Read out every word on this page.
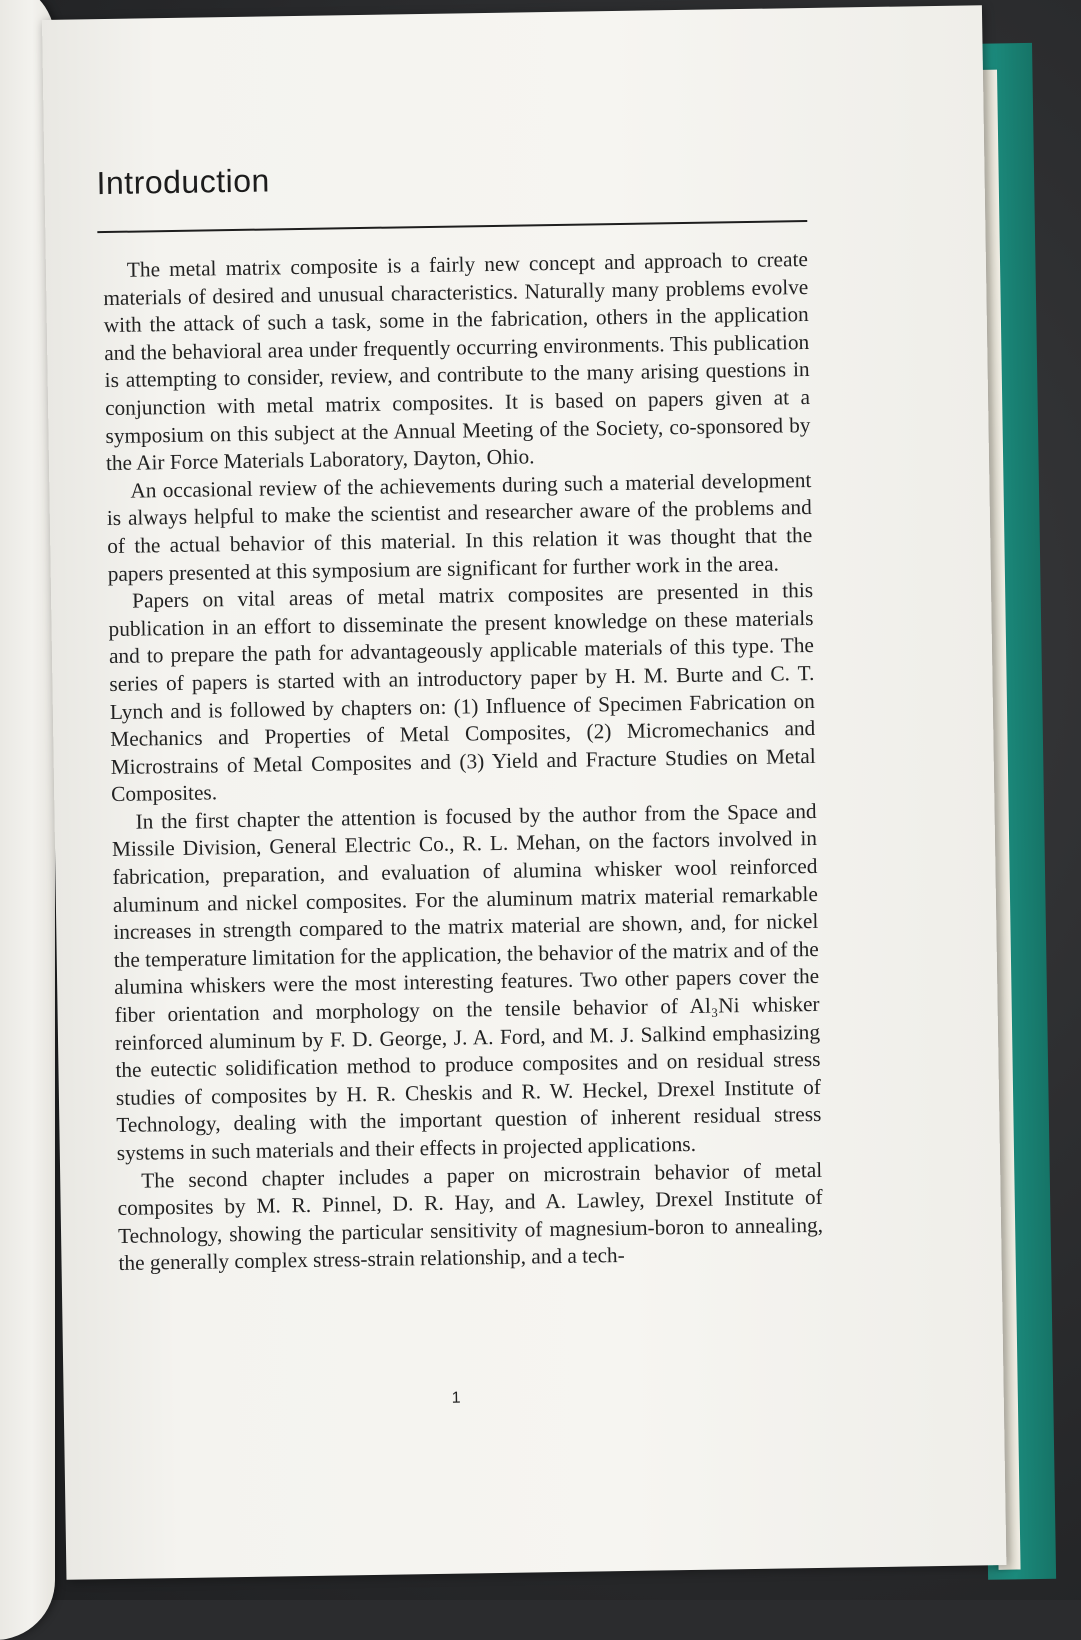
Introduction

The metal matrix composite is a fairly new concept and approach to create materials of desired and unusual characteristics. Naturally many problems evolve with the attack of such a task, some in the fabrication, others in the application and the behavioral area under frequently occurring environments. This publication is attempting to consider, review, and contribute to the many arising questions in conjunction with metal matrix composites. It is based on papers given at a symposium on this subject at the Annual Meeting of the Society, co-sponsored by the Air Force Materials Laboratory, Dayton, Ohio.

An occasional review of the achievements during such a material development is always helpful to make the scientist and researcher aware of the problems and of the actual behavior of this material. In this relation it was thought that the papers presented at this symposium are significant for further work in the area.

Papers on vital areas of metal matrix composites are presented in this publication in an effort to disseminate the present knowledge on these materials and to prepare the path for advantageously applicable materials of this type. The series of papers is started with an introductory paper by H. M. Burte and C. T. Lynch and is followed by chapters on: (1) Influence of Specimen Fabrication on Mechanics and Properties of Metal Composites, (2) Micromechanics and Microstrains of Metal Composites and (3) Yield and Fracture Studies on Metal Composites.

In the first chapter the attention is focused by the author from the Space and Missile Division, General Electric Co., R. L. Mehan, on the factors involved in fabrication, preparation, and evaluation of alumina whisker wool reinforced aluminum and nickel composites. For the aluminum matrix material remarkable increases in strength compared to the matrix material are shown, and, for nickel the temperature limitation for the application, the behavior of the matrix and of the alumina whiskers were the most interesting features. Two other papers cover the fiber orientation and morphology on the tensile behavior of Al₃Ni whisker reinforced aluminum by F. D. George, J. A. Ford, and M. J. Salkind emphasizing the eutectic solidification method to produce composites and on residual stress studies of composites by H. R. Cheskis and R. W. Heckel, Drexel Institute of Technology, dealing with the important question of inherent residual stress systems in such materials and their effects in projected applications.

The second chapter includes a paper on microstrain behavior of metal composites by M. R. Pinnel, D. R. Hay, and A. Lawley, Drexel Institute of Technology, showing the particular sensitivity of magnesium-boron to annealing, the generally complex stress-strain relationship, and a tech-

1
